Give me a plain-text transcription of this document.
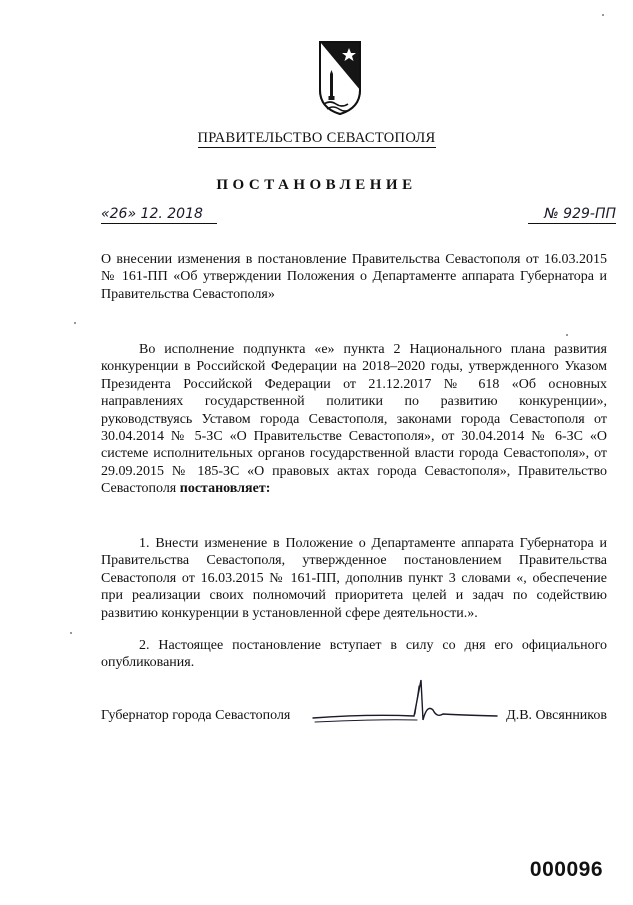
ПРАВИТЕЛЬСТВО СЕВАСТОПОЛЯ
ПОСТАНОВЛЕНИЕ
«26» 12. 2018	№ 929-ПП
О внесении изменения в постановление Правительства Севастополя от 16.03.2015 № 161-ПП «Об утверждении Положения о Департаменте аппарата Губернатора и Правительства Севастополя»
Во исполнение подпункта «е» пункта 2 Национального плана развития конкуренции в Российской Федерации на 2018–2020 годы, утвержденного Указом Президента Российской Федерации от 21.12.2017 № 618 «Об основных направлениях государственной политики по развитию конкуренции», руководствуясь Уставом города Севастополя, законами города Севастополя от 30.04.2014 № 5-ЗС «О Правительстве Севастополя», от 30.04.2014 № 6-ЗС «О системе исполнительных органов государственной власти города Севастополя», от 29.09.2015 № 185-ЗС «О правовых актах города Севастополя», Правительство Севастополя постановляет:
1. Внести изменение в Положение о Департаменте аппарата Губернатора и Правительства Севастополя, утвержденное постановлением Правительства Севастополя от 16.03.2015 № 161-ПП, дополнив пункт 3 словами «, обеспечение при реализации своих полномочий приоритета целей и задач по содействию развитию конкуренции в установленной сфере деятельности.».
2. Настоящее постановление вступает в силу со дня его официального опубликования.
Губернатор города Севастополя	Д.В. Овсянников
000096
